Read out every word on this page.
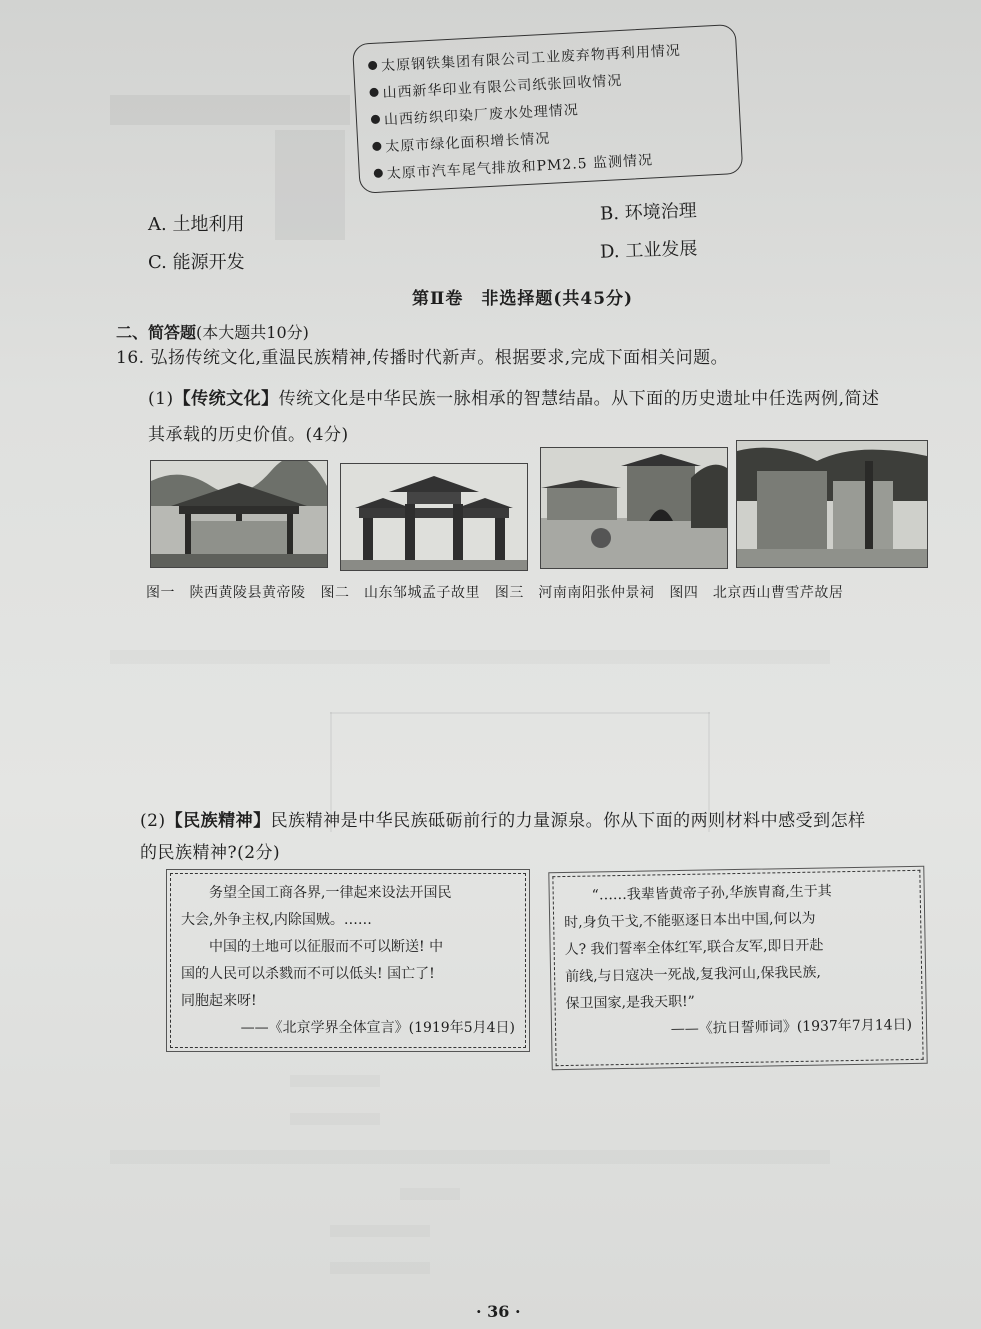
太原钢铁集团有限公司工业废弃物再利用情况
山西新华印业有限公司纸张回收情况
山西纺织印染厂废水处理情况
太原市绿化面积增长情况
太原市汽车尾气排放和PM2.5 监测情况
A. 土地利用	B. 环境治理
C. 能源开发	D. 工业发展
第Ⅱ卷　非选择题(共45分)
二、简答题(本大题共10分)
16. 弘扬传统文化,重温民族精神,传播时代新声。根据要求,完成下面相关问题。
(1)【传统文化】传统文化是中华民族一脉相承的智慧结晶。从下面的历史遗址中任选两例,简述
其承载的历史价值。(4分)
图一　陕西黄陵县黄帝陵 图二　山东邹城孟子故里 图三　河南南阳张仲景祠 图四　北京西山曹雪芹故居
(2)【民族精神】民族精神是中华民族砥砺前行的力量源泉。你从下面的两则材料中感受到怎样
的民族精神?(2分)

　　务望全国工商各界,一律起来设法开国民

大会,外争主权,内除国贼。……

　　中国的土地可以征服而不可以断送! 中

国的人民可以杀戮而不可以低头! 国亡了!

同胞起来呀!

——《北京学界全体宣言》(1919年5月4日)

　　“……我辈皆黄帝子孙,华族胄裔,生于其

时,身负干戈,不能驱逐日本出中国,何以为

人? 我们誓率全体红军,联合友军,即日开赴

前线,与日寇决一死战,复我河山,保我民族,

保卫国家,是我天职!”

——《抗日誓师词》(1937年7月14日)

· 36 ·
